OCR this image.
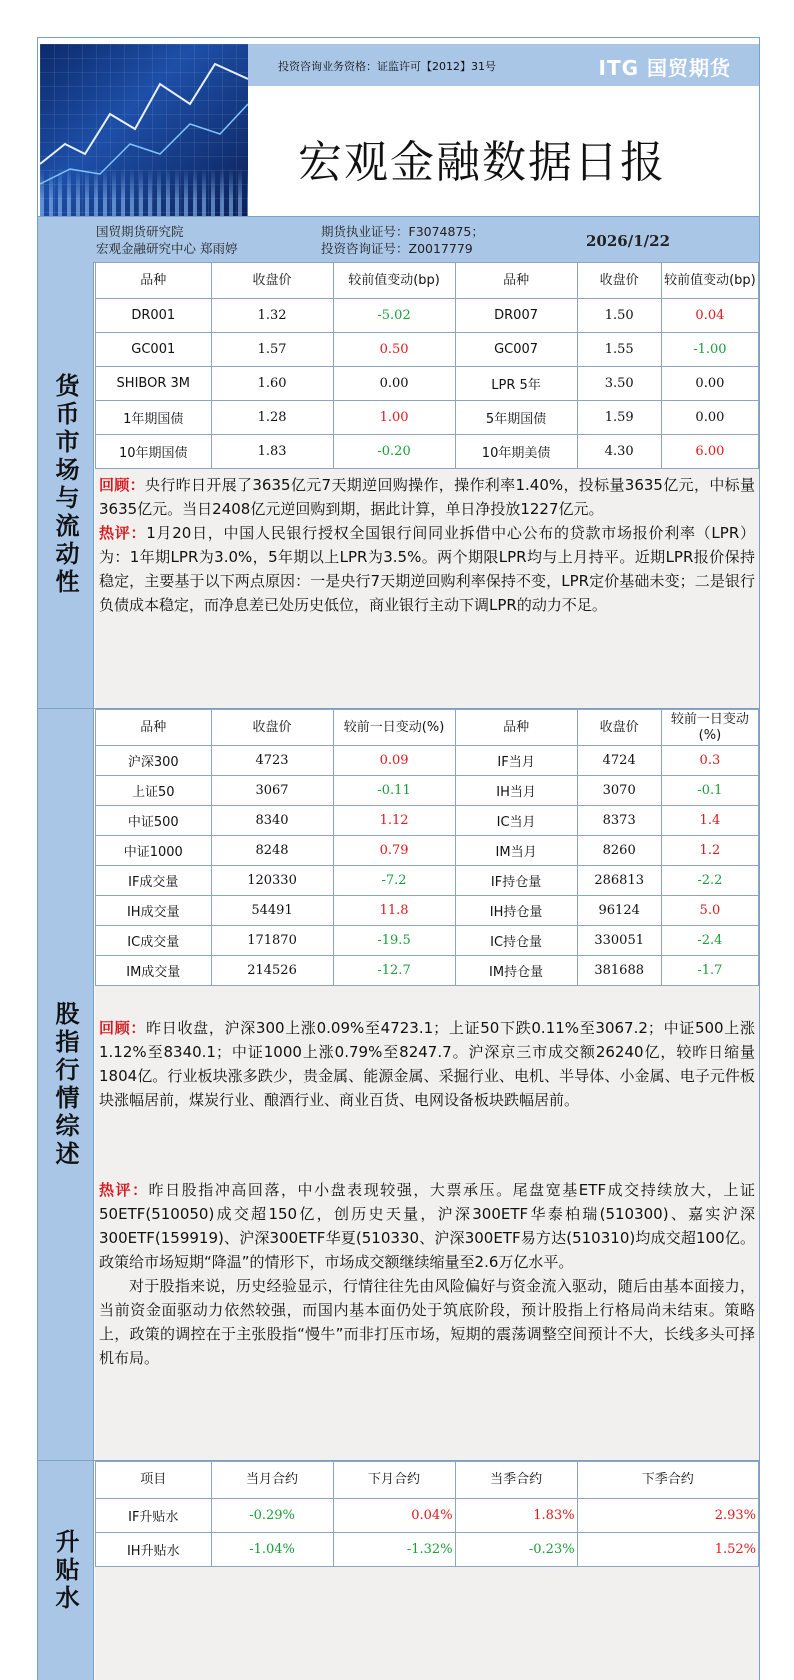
投资咨询业务资格：证监许可【2012】31号	ITG 国贸期货
宏观金融数据日报
国贸期货研究院
宏观金融研究中心 郑雨婷
期货执业证号：F3074875；
投资咨询证号：Z0017779	2026/1/22
货币市场与流动性
品种	收盘价	较前值变动(bp)	品种	收盘价	较前值变动(bp)
DR001	1.32	-5.02	DR007	1.50	0.04
GC001	1.57	0.50	GC007	1.55	-1.00
SHIBOR 3M	1.60	0.00	LPR 5年	3.50	0.00
1年期国债	1.28	1.00	5年期国债	1.59	0.00
10年期国债	1.83	-0.20	10年期美债	4.30	6.00
回顾：央行昨日开展了3635亿元7天期逆回购操作，操作利率1.40%，投标量3635亿元，中标量3635亿元。当日2408亿元逆回购到期，据此计算，单日净投放1227亿元。
热评：1月20日，中国人民银行授权全国银行间同业拆借中心公布的贷款市场报价利率（LPR）为：1年期LPR为3.0%，5年期以上LPR为3.5%。两个期限LPR均与上月持平。近期LPR报价保持稳定，主要基于以下两点原因：一是央行7天期逆回购利率保持不变，LPR定价基础未变；二是银行负债成本稳定，而净息差已处历史低位，商业银行主动下调LPR的动力不足。
股指行情综述
品种	收盘价	较前一日变动(%)	品种	收盘价	较前一日变动(%)
沪深300	4723	0.09	IF当月	4724	0.3
上证50	3067	-0.11	IH当月	3070	-0.1
中证500	8340	1.12	IC当月	8373	1.4
中证1000	8248	0.79	IM当月	8260	1.2
IF成交量	120330	-7.2	IF持仓量	286813	-2.2
IH成交量	54491	11.8	IH持仓量	96124	5.0
IC成交量	171870	-19.5	IC持仓量	330051	-2.4
IM成交量	214526	-12.7	IM持仓量	381688	-1.7
回顾：昨日收盘，沪深300上涨0.09%至4723.1；上证50下跌0.11%至3067.2；中证500上涨1.12%至8340.1；中证1000上涨0.79%至8247.7。沪深京三市成交额26240亿，较昨日缩量1804亿。行业板块涨多跌少，贵金属、能源金属、采掘行业、电机、半导体、小金属、电子元件板块涨幅居前，煤炭行业、酿酒行业、商业百货、电网设备板块跌幅居前。
热评：昨日股指冲高回落，中小盘表现较强，大票承压。尾盘宽基ETF成交持续放大，上证50ETF(510050)成交超150亿，创历史天量，沪深300ETF华泰柏瑞(510300)、嘉实沪深300ETF(159919)、沪深300ETF华夏(510330、沪深300ETF易方达(510310)均成交超100亿。政策给市场短期“降温”的情形下，市场成交额继续缩量至2.6万亿水平。
对于股指来说，历史经验显示，行情往往先由风险偏好与资金流入驱动，随后由基本面接力，当前资金面驱动力依然较强，而国内基本面仍处于筑底阶段，预计股指上行格局尚未结束。策略上，政策的调控在于主张股指“慢牛”而非打压市场，短期的震荡调整空间预计不大，长线多头可择机布局。
升贴水
项目	当月合约	下月合约	当季合约	下季合约
IF升贴水	-0.29%	0.04%	1.83%	2.93%
IH升贴水	-1.04%	-1.32%	-0.23%	1.52%
